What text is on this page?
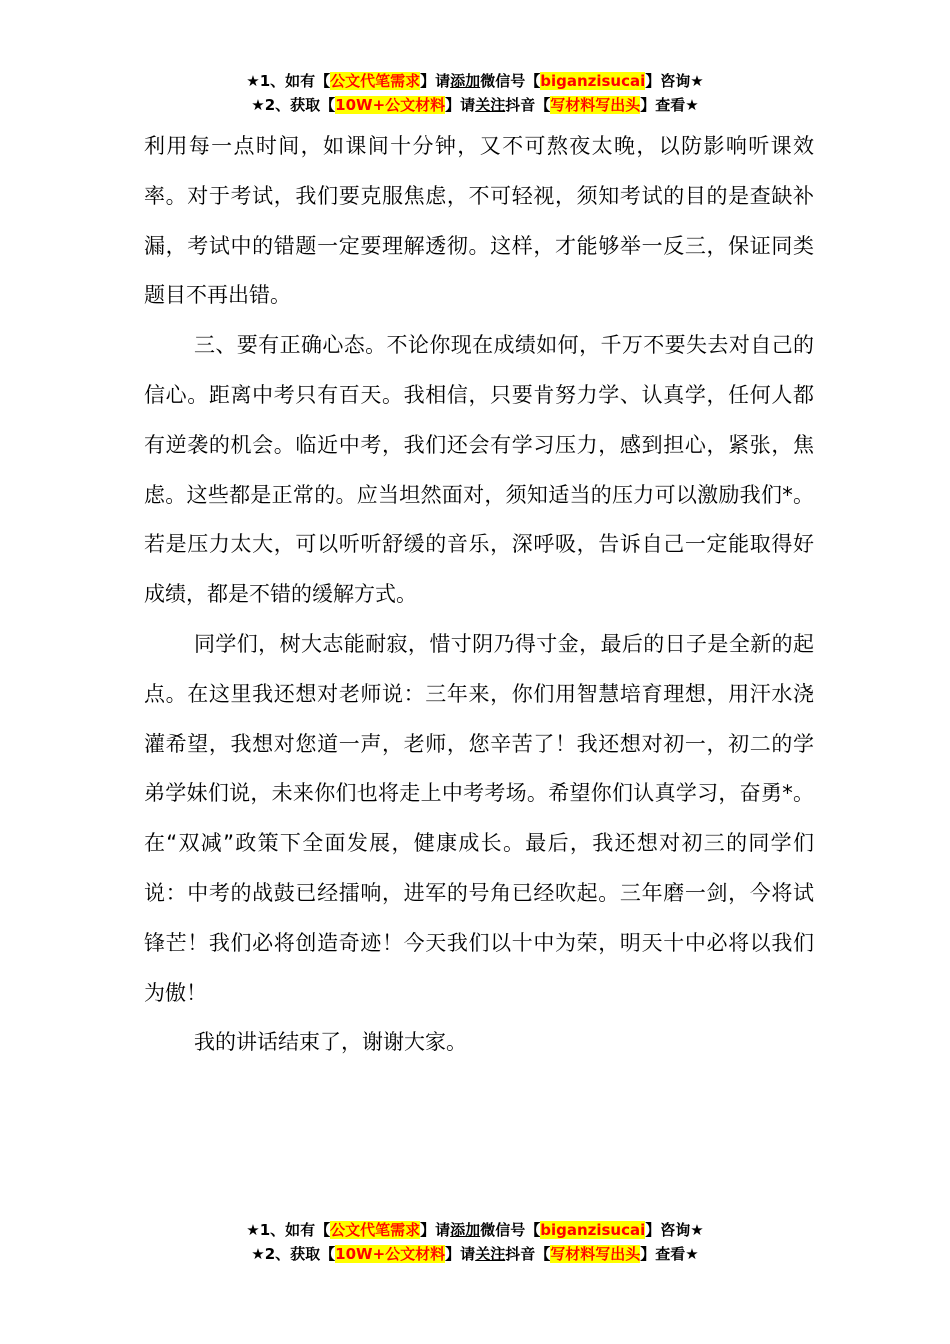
★1、如有【公文代笔需求】请添加微信号【biganzisucai】咨询★
★2、获取【10W+公文材料】请关注抖音【写材料写出头】查看★

利用每一点时间，如课间十分钟，又不可熬夜太晚，以防影响听课效率。对于考试，我们要克服焦虑，不可轻视，须知考试的目的是查缺补漏，考试中的错题一定要理解透彻。这样，才能够举一反三，保证同类题目不再出错。

三、要有正确心态。不论你现在成绩如何，千万不要失去对自己的信心。距离中考只有百天。我相信，只要肯努力学、认真学，任何人都有逆袭的机会。临近中考，我们还会有学习压力，感到担心，紧张，焦虑。这些都是正常的。应当坦然面对，须知适当的压力可以激励我们*。若是压力太大，可以听听舒缓的音乐，深呼吸，告诉自己一定能取得好成绩，都是不错的缓解方式。

同学们，树大志能耐寂，惜寸阴乃得寸金，最后的日子是全新的起点。在这里我还想对老师说：三年来，你们用智慧培育理想，用汗水浇灌希望，我想对您道一声，老师，您辛苦了！我还想对初一，初二的学弟学妹们说，未来你们也将走上中考考场。希望你们认真学习，奋勇*。在“双减”政策下全面发展，健康成长。最后，我还想对初三的同学们说：中考的战鼓已经擂响，进军的号角已经吹起。三年磨一剑，今将试锋芒！我们必将创造奇迹！今天我们以十中为荣，明天十中必将以我们为傲！

我的讲话结束了，谢谢大家。

★1、如有【公文代笔需求】请添加微信号【biganzisucai】咨询★
★2、获取【10W+公文材料】请关注抖音【写材料写出头】查看★
